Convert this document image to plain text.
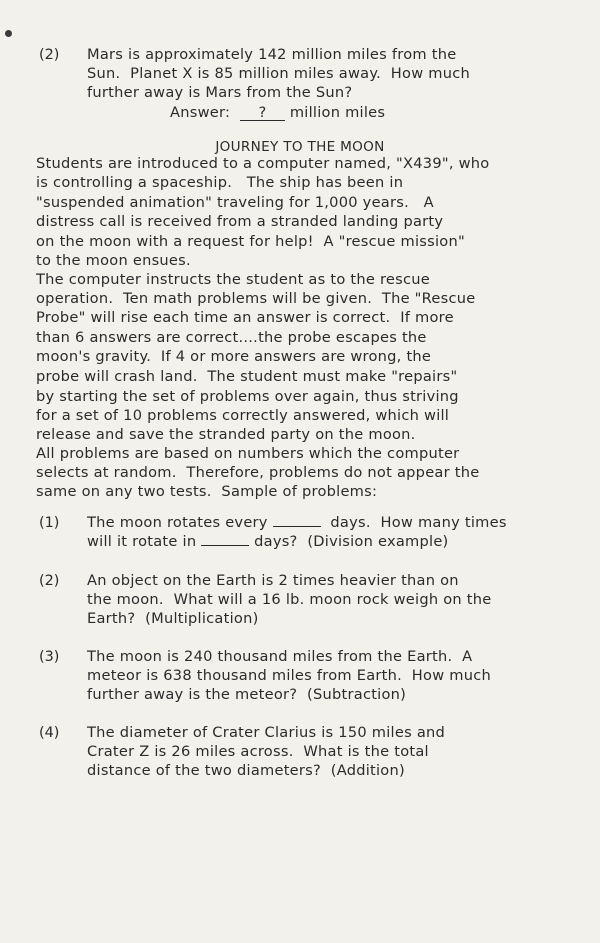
(2) Mars is approximately 142 million miles from the
Sun.  Planet X is 85 million miles away.  How much
further away is Mars from the Sun?
Answer: ? million miles
JOURNEY TO THE MOON
Students are introduced to a computer named, "X439", who
is controlling a spaceship.   The ship has been in
"suspended animation" traveling for 1,000 years.   A
distress call is received from a stranded landing party
on the moon with a request for help!  A "rescue mission"
to the moon ensues.
The computer instructs the student as to the rescue
operation.  Ten math problems will be given.  The "Rescue
Probe" will rise each time an answer is correct.  If more
than 6 answers are correct....the probe escapes the
moon's gravity.  If 4 or more answers are wrong, the
probe will crash land.  The student must make "repairs"
by starting the set of problems over again, thus striving
for a set of 10 problems correctly answered, which will
release and save the stranded party on the moon.
All problems are based on numbers which the computer
selects at random.  Therefore, problems do not appear the
same on any two tests.  Sample of problems:
(1) The moon rotates every	days.  How many times
will it rotate in	days?  (Division example)
(2) An object on the Earth is 2 times heavier than on
the moon.  What will a 16 lb. moon rock weigh on the
Earth?  (Multiplication)
(3) The moon is 240 thousand miles from the Earth.  A
meteor is 638 thousand miles from Earth.  How much
further away is the meteor?  (Subtraction)
(4) The diameter of Crater Clarius is 150 miles and
Crater Z is 26 miles across.  What is the total
distance of the two diameters?  (Addition)
